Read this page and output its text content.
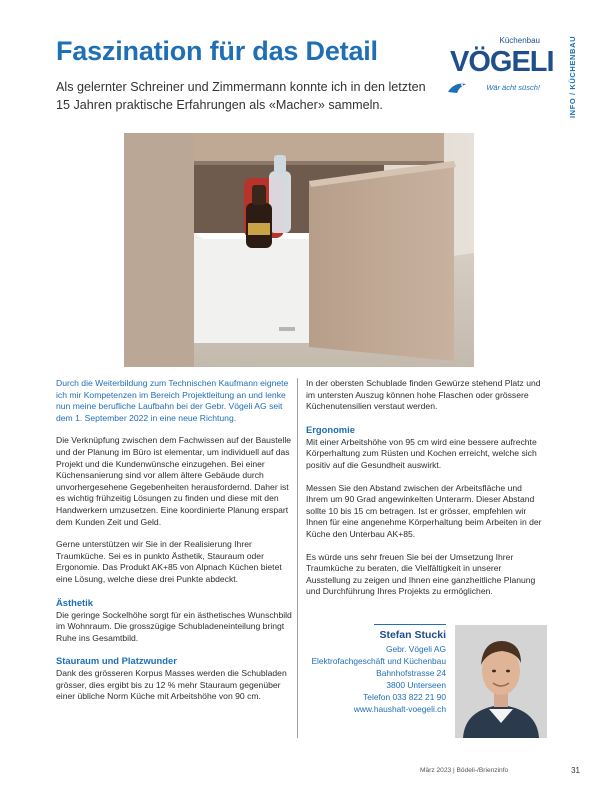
Faszination für das Detail

Als gelernter Schreiner und Zimmermann konnte ich in den letzten 15 Jahren praktische Erfahrungen als «Macher» sammeln.

Küchenbau
VÖGELI
Wär ächt süsch!	INFO / KÜCHENBAU

Durch die Weiterbildung zum Technischen Kaufmann eignete ich mir Kompetenzen im Bereich Projektleitung an und lenke nun meine berufliche Laufbahn bei der Gebr. Vögeli AG seit dem 1. September 2022 in eine neue Richtung.

Die Verknüpfung zwischen dem Fachwissen auf der Baustelle und der Planung im Büro ist elementar, um individuell auf das Projekt und die Kundenwünsche einzugehen. Bei einer Küchensanierung sind vor allem ältere Gebäude durch unvorhergesehene Gegebenheiten herausfordernd. Daher ist es wichtig frühzeitig Lösungen zu finden und diese mit den Handwerkern umzusetzen. Eine koordinierte Planung erspart dem Kunden Zeit und Geld.

Gerne unterstützen wir Sie in der Realisierung Ihrer Traumküche. Sei es in punkto Ästhetik, Stauraum oder Ergonomie. Das Produkt AK+85 von Alpnach Küchen bietet eine Lösung, welche diese drei Punkte abdeckt.

Ästhetik

Die geringe Sockelhöhe sorgt für ein ästhetisches Wunschbild im Wohnraum. Die grosszügige Schubladeneinteilung bringt Ruhe ins Gesamtbild.

Stauraum und Platzwunder

Dank des grösseren Korpus Masses werden die Schubladen grösser, dies ergibt bis zu 12 % mehr Stauraum gegenüber einer übliche Norm Küche mit Arbeitshöhe von 90 cm.

In der obersten Schublade finden Gewürze stehend Platz und im untersten Auszug können hohe Flaschen oder grössere Küchenutensilien verstaut werden.

Ergonomie

Mit einer Arbeitshöhe von 95 cm wird eine bessere aufrechte Körperhaltung zum Rüsten und Kochen erreicht, welche sich positiv auf die Gesundheit auswirkt.

Messen Sie den Abstand zwischen der Arbeitsfläche und Ihrem um 90 Grad angewinkelten Unterarm. Dieser Abstand sollte 10 bis 15 cm betragen. Ist er grösser, empfehlen wir Ihnen für eine angenehme Körperhaltung beim Arbeiten in der Küche den Unterbau AK+85.

Es würde uns sehr freuen Sie bei der Umsetzung Ihrer Traumküche zu beraten, die Vielfältigkeit in unserer Ausstellung zu zeigen und Ihnen eine ganzheitliche Planung und Durchführung Ihres Projekts zu ermöglichen.

Stefan Stucki
Gebr. Vögeli AG
Elektrofachgeschäft und Küchenbau
Bahnhofstrasse 24
3800 Unterseen
Telefon 033 822 21 90
www.haushalt-voegeli.ch
März 2023 | Bödeli-/Brienzinfo	31
